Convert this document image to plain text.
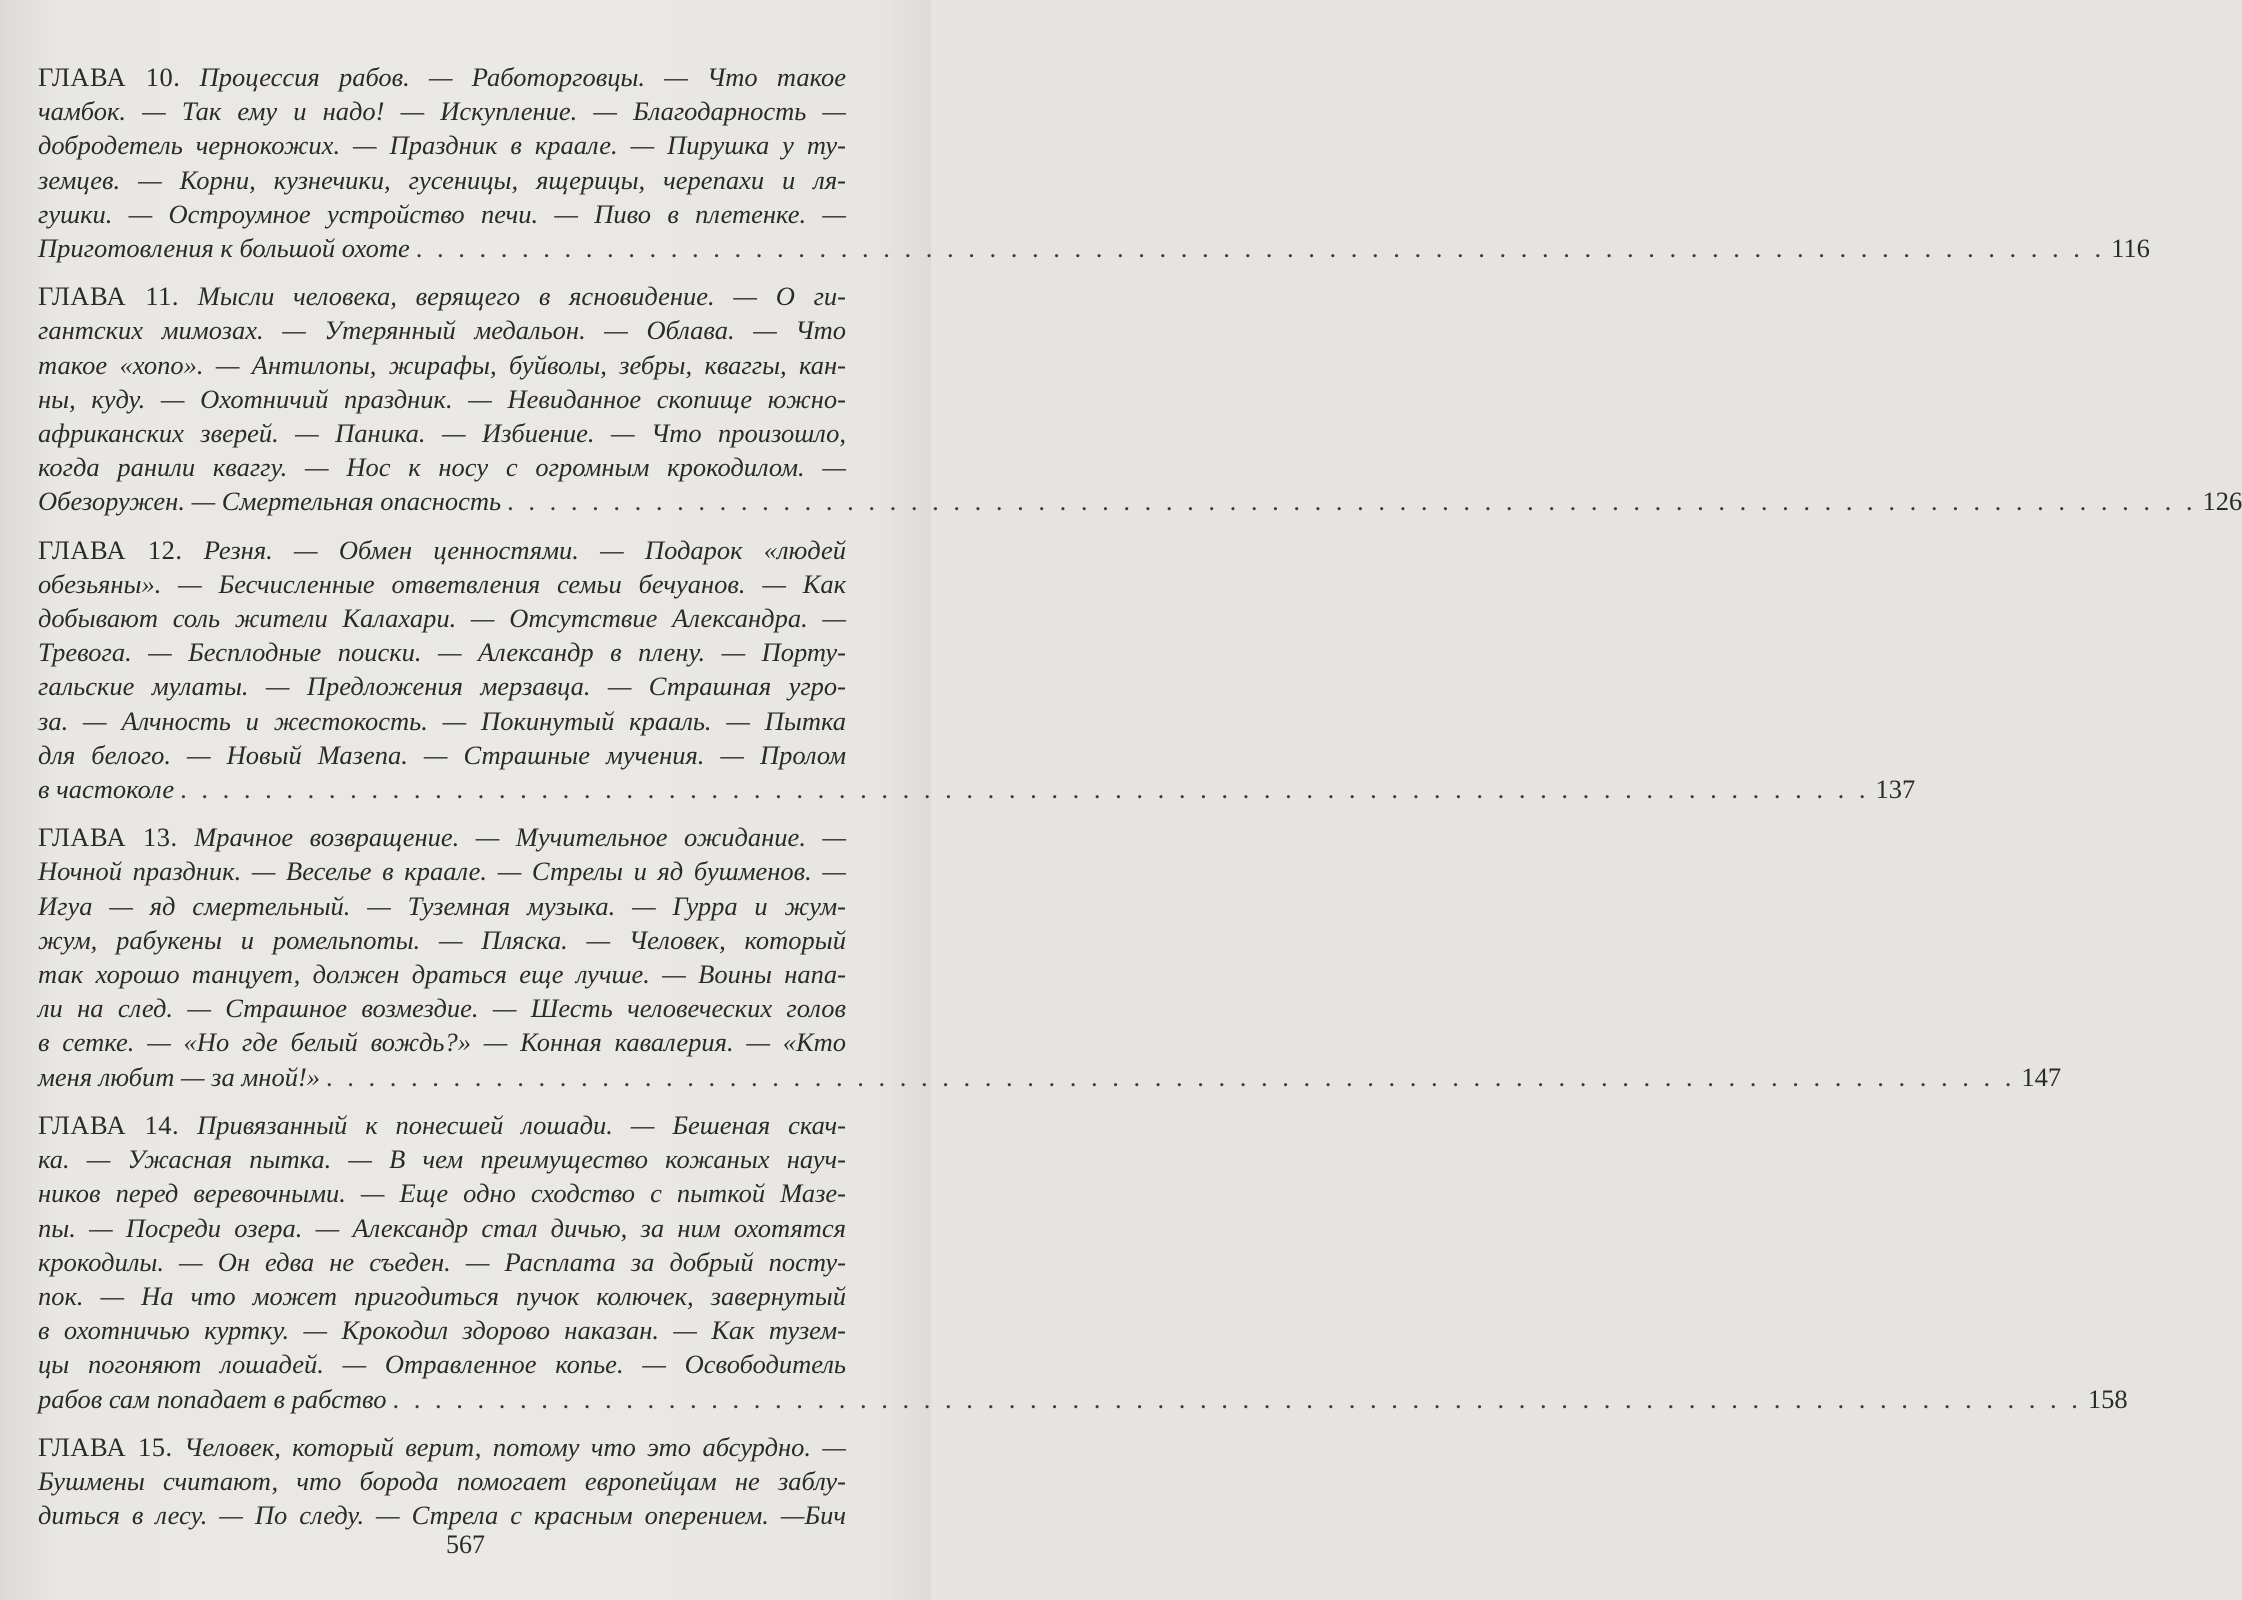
ГЛАВА 10. Процессия рабов. — Работорговцы. — Что такое
чамбок. — Так ему и надо! — Искупление. — Благодарность —
добродетель чернокожих. — Праздник в краале. — Пирушка у ту-
земцев. — Корни, кузнечики, гусеницы, ящерицы, черепахи и ля-
гушки. — Остроумное устройство печи. — Пиво в плетенке. —
Приготовления к большой охоте . . . . . . . . . . . . . . . . . . . . . . . . . . . . . . . . . . . . . . . . . . . . . . . . . . . . . . . . . . . . . . . . . . . . . . . . . . . . . . . . 116
ГЛАВА 11. Мысли человека, верящего в ясновидение. — О ги-
гантских мимозах. — Утерянный медальон. — Облава. — Что
такое «хопо». — Антилопы, жирафы, буйволы, зебры, кваггы, кан-
ны, куду. — Охотничий праздник. — Невиданное скопище южно-
африканских зверей. — Паника. — Избиение. — Что произошло,
когда ранили кваггу. — Нос к носу с огромным крокодилом. —
Обезоружен. — Смертельная опасность . . . . . . . . . . . . . . . . . . . . . . . . . . . . . . . . . . . . . . . . . . . . . . . . . . . . . . . . . . . . . . . . . . . . . . . . . . . . . . . . 126
ГЛАВА 12. Резня. — Обмен ценностями. — Подарок «людей
обезьяны». — Бесчисленные ответвления семьи бечуанов. — Как
добывают соль жители Калахари. — Отсутствие Александра. —
Тревога. — Бесплодные поиски. — Александр в плену. — Порту-
гальские мулаты. — Предложения мерзавца. — Страшная угро-
за. — Алчность и жестокость. — Покинутый крааль. — Пытка
для белого. — Новый Мазепа. — Страшные мучения. — Пролом
в частоколе . . . . . . . . . . . . . . . . . . . . . . . . . . . . . . . . . . . . . . . . . . . . . . . . . . . . . . . . . . . . . . . . . . . . . . . . . . . . . . . . 137
ГЛАВА 13. Мрачное возвращение. — Мучительное ожидание. —
Ночной праздник. — Веселье в краале. — Стрелы и яд бушменов. —
Игуа — яд смертельный. — Туземная музыка. — Гурра и жум-
жум, рабукены и ромельпоты. — Пляска. — Человек, который
так хорошо танцует, должен драться еще лучше. — Воины напа-
ли на след. — Страшное возмездие. — Шесть человеческих голов
в сетке. — «Но где белый вождь?» — Конная кавалерия. — «Кто
меня любит — за мной!» . . . . . . . . . . . . . . . . . . . . . . . . . . . . . . . . . . . . . . . . . . . . . . . . . . . . . . . . . . . . . . . . . . . . . . . . . . . . . . . . 147
ГЛАВА 14. Привязанный к понесшей лошади. — Бешеная скач-
ка. — Ужасная пытка. — В чем преимущество кожаных науч-
ников перед веревочными. — Еще одно сходство с пыткой Мазе-
пы. — Посреди озера. — Александр стал дичью, за ним охотятся
крокодилы. — Он едва не съеден. — Расплата за добрый посту-
пок. — На что может пригодиться пучок колючек, завернутый
в охотничью куртку. — Крокодил здорово наказан. — Как тузем-
цы погоняют лошадей. — Отравленное копье. — Освободитель
рабов сам попадает в рабство . . . . . . . . . . . . . . . . . . . . . . . . . . . . . . . . . . . . . . . . . . . . . . . . . . . . . . . . . . . . . . . . . . . . . . . . . . . . . . . . 158
ГЛАВА 15. Человек, который верит, потому что это абсурдно. —
Бушмены считают, что борода помогает европейцам не заблу-
диться в лесу. — По следу. — Стрела с красным оперением. —Бич
567
